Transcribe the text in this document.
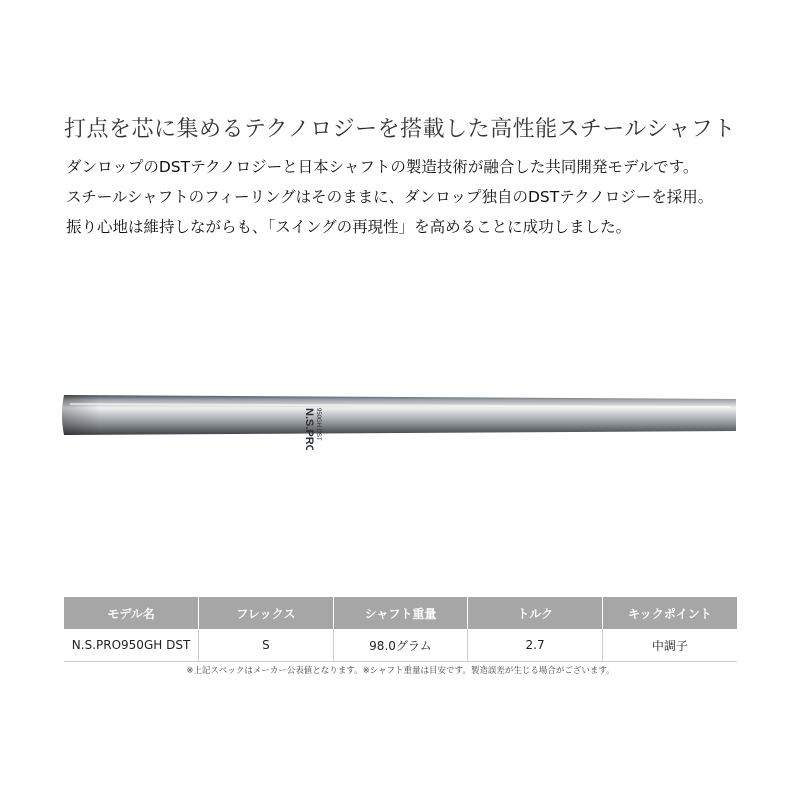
打点を芯に集めるテクノロジーを搭載した高性能スチールシャフト

ダンロップのDSTテクノロジーと日本シャフトの製造技術が融合した共同開発モデルです。

スチールシャフトのフィーリングはそのままに、ダンロップ独自のDSTテクノロジーを採用。

振り心地は維持しながらも、「スイングの再現性」を高めることに成功しました。

N.S.PRO 950GH DST
モデル名	フレックス	シャフト重量	トルク	キックポイント
N.S.PRO950GH DST	S	98.0グラム	2.7	中調子
※上記スペックはメーカー公表値となります。※シャフト重量は目安です。製造誤差が生じる場合がございます。
